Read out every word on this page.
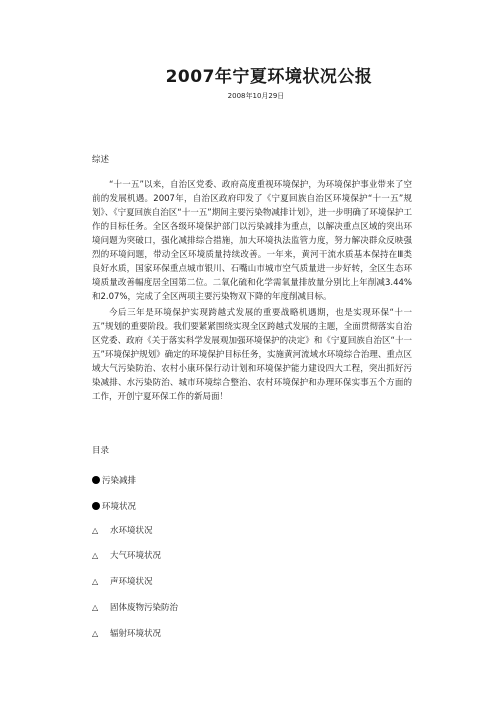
2007年宁夏环境状况公报
2008年10月29日
综述

“十一五”以来，自治区党委、政府高度重视环境保护，为环境保护事业带来了空前的发展机遇。2007年，自治区政府印发了《宁夏回族自治区环境保护“十一五”规划》、《宁夏回族自治区“十一五”期间主要污染物减排计划》，进一步明确了环境保护工作的目标任务。全区各级环境保护部门以污染减排为重点，以解决重点区域的突出环境问题为突破口，强化减排综合措施，加大环境执法监管力度，努力解决群众反映强烈的环境问题，带动全区环境质量持续改善。一年来，黄河干流水质基本保持在Ⅲ类良好水质，国家环保重点城市银川、石嘴山市城市空气质量进一步好转，全区生态环境质量改善幅度居全国第二位。二氧化硫和化学需氧量排放量分别比上年削减3.44%和2.07%，完成了全区两项主要污染物双下降的年度削减目标。

今后三年是环境保护实现跨越式发展的重要战略机遇期，也是实现环保“十一五”规划的重要阶段。我们要紧紧围绕实现全区跨越式发展的主题，全面贯彻落实自治区党委、政府《关于落实科学发展观加强环境保护的决定》和《宁夏回族自治区“十一五”环境保护规划》确定的环境保护目标任务，实施黄河流域水环境综合治理、重点区域大气污染防治、农村小康环保行动计划和环境保护能力建设四大工程，突出抓好污染减排、水污染防治、城市环境综合整治、农村环境保护和办理环保实事五个方面的工作，开创宁夏环保工作的新局面！

目录
污染减排
环境状况
△ 水环境状况
△ 大气环境状况
△ 声环境状况
△ 固体废物污染防治
△ 辐射环境状况
